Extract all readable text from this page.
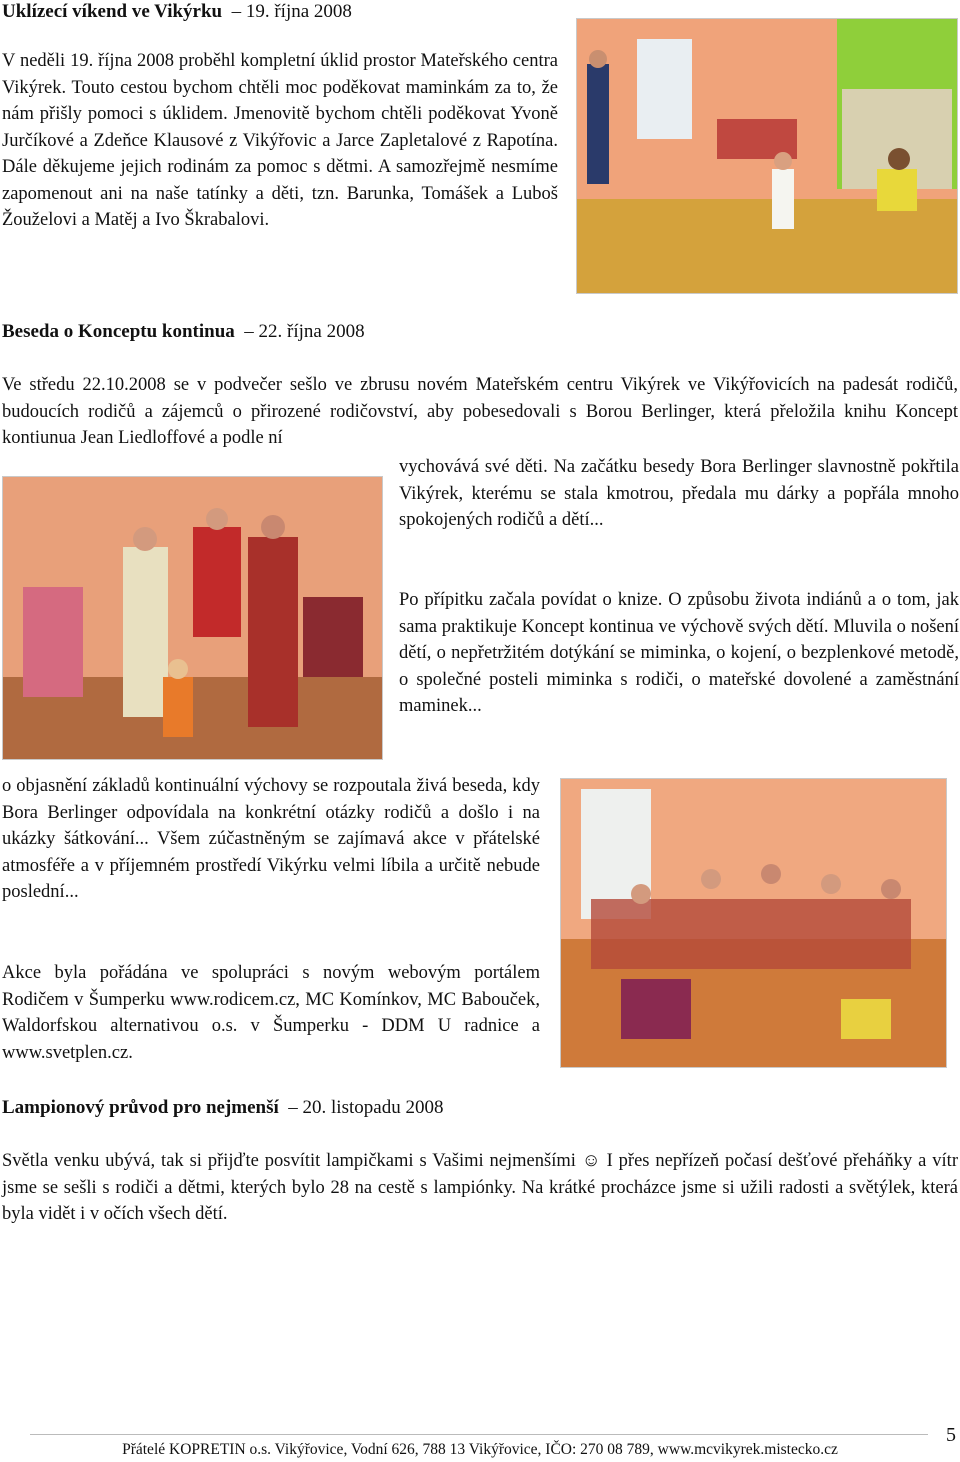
Uklízecí víkend ve Vikýrku  – 19. října 2008

V neděli 19. října 2008 proběhl kompletní úklid prostor Mateřského centra Vikýrek. Touto cestou bychom chtěli moc poděkovat maminkám za to, že nám přišly pomoci s úklidem. Jmenovitě bychom chtěli poděkovat Yvoně Jurčíkové a Zdeňce Klausové z Vikýřovic a Jarce Zapletalové z Rapotína. Dále děkujeme jejich rodinám za pomoc s dětmi. A samozřejmě nesmíme zapomenout ani na naše tatínky a děti, tzn. Barunka, Tomášek a Luboš Žouželovi a Matěj a Ivo Škrabalovi.

Beseda o Konceptu kontinua  – 22. října 2008

Ve středu 22.10.2008 se v podvečer sešlo ve zbrusu novém Mateřském centru Vikýrek ve Vikýřovicích na padesát rodičů, budoucích rodičů a zájemců o přirozené rodičovství, aby pobesedovali s Borou Berlinger, která přeložila knihu Koncept kontiunua Jean Liedloffové a podle ní

vychovává své děti. Na začátku besedy Bora Berlinger slavnostně pokřtila Vikýrek, kterému se stala kmotrou, předala mu dárky a popřála mnoho spokojených rodičů a dětí...

Po přípitku začala povídat o knize. O způsobu života indiánů a o tom, jak sama praktikuje Koncept kontinua ve výchově svých dětí. Mluvila o nošení dětí, o nepřetržitém dotýkání se miminka, o kojení, o bezplenkové metodě, o společné posteli miminka s rodiči, o mateřské dovolené a zaměstnání maminek...

o objasnění základů kontinuální výchovy se rozpoutala živá beseda, kdy Bora Berlinger odpovídala na konkrétní otázky rodičů a došlo i na ukázky šátkování... Všem zúčastněným se zajímavá akce v přátelské atmosféře a v příjemném prostředí Vikýrku velmi líbila a určitě nebude poslední...

Akce byla pořádána ve spolupráci s novým webovým portálem Rodičem v Šumperku www.rodicem.cz, MC Komínkov, MC Babouček, Waldorfskou alternativou o.s. v Šumperku - DDM U radnice a www.svetplen.cz.

Lampionový průvod pro nejmenší  – 20. listopadu 2008

Světla venku ubývá, tak si přijďte posvítit lampičkami s Vašimi nejmenšími ☺ I přes nepřízeň počasí dešťové přeháňky a vítr jsme se sešli s rodiči a dětmi, kterých bylo 28 na cestě s lampiónky. Na krátké procházce jsme si užili radosti a světýlek, která byla vidět i v očích všech dětí.

5
Přátelé KOPRETIN o.s. Vikýřovice, Vodní 626, 788 13 Vikýřovice, IČO: 270 08 789, www.mcvikyrek.mistecko.cz
